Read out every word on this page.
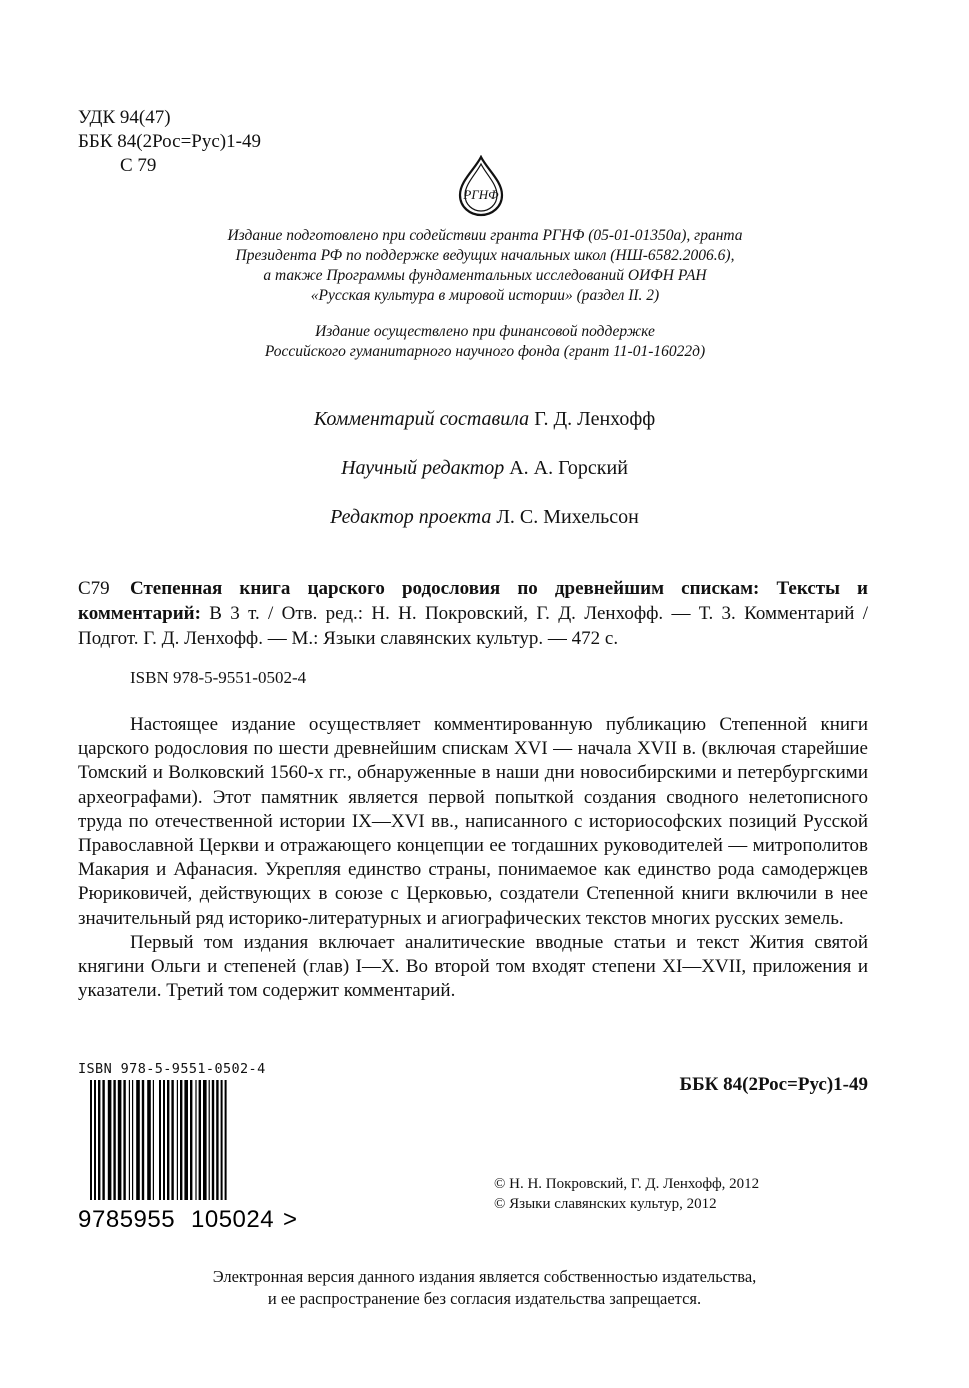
УДК 94(47)
ББК 84(2Рос=Рус)1-49
С 79
РГНФ
Издание подготовлено при содействии гранта РГНФ (05-01-01350а), гранта
Президента РФ по поддержке ведущих начальных школ (НШ-6582.2006.6),
а также Программы фундаментальных исследований ОИФН РАН
«Русская культура в мировой истории» (раздел II. 2)
Издание осуществлено при финансовой поддержке
Российского гуманитарного научного фонда (грант 11-01-16022д)
Комментарий составила Г. Д. Ленхофф
Научный редактор А. А. Горский
Редактор проекта Л. С. Михельсон
С79 Степенная книга царского родословия по древнейшим спискам: Тексты и комментарий: В 3 т. / Отв. ред.: Н. Н. Покровский, Г. Д. Ленхофф. — Т. 3. Комментарий / Подгот. Г. Д. Ленхофф. — М.: Языки славянских культур. — 472 с.
ISBN 978-5-9551-0502-4

Настоящее издание осуществляет комментированную публикацию Степенной книги царского родословия по шести древнейшим спискам XVI — начала XVII в. (включая старейшие Томский и Волковский 1560-х гг., обнаруженные в наши дни новосибирскими и петербургскими археографами). Этот памятник является первой попыткой создания сводного нелетописного труда по отечественной истории IX—XVI вв., написанного с историософских позиций Русской Православной Церкви и отражающего концепции ее тогдашних руководителей — митрополитов Макария и Афанасия. Укрепляя единство страны, понимаемое как единство рода самодержцев Рюриковичей, действующих в союзе с Церковью, создатели Степенной книги включили в нее значительный ряд историко-литературных и агиографических текстов многих русских земель.

Первый том издания включает аналитические вводные статьи и текст Жития святой княгини Ольги и степеней (глав) I—X. Во второй том входят степени XI—XVII, приложения и указатели. Третий том содержит комментарий.

ISBN 978-5-9551-0502-4
9 785955 105024 >
ББК 84(2Рос=Рус)1-49
© Н. Н. Покровский, Г. Д. Ленхофф, 2012
© Языки славянских культур, 2012
Электронная версия данного издания является собственностью издательства,
и ее распространение без согласия издательства запрещается.
